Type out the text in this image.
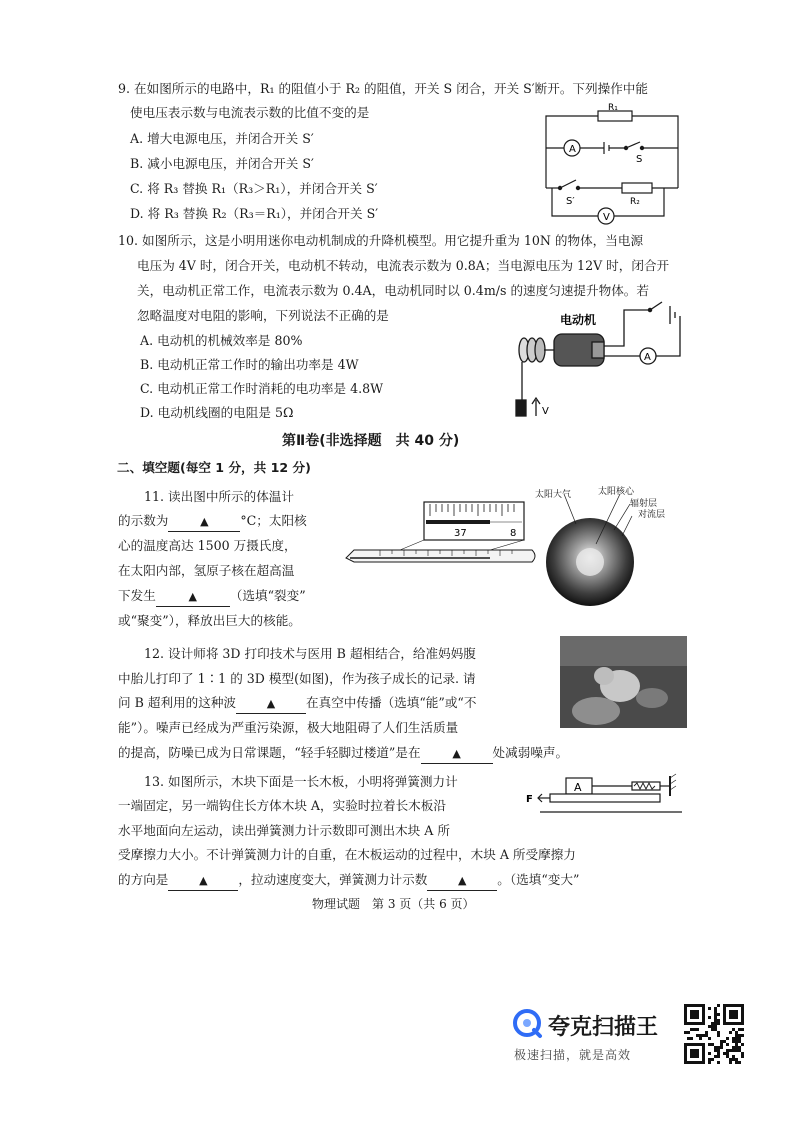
9. 在如图所示的电路中，R₁ 的阻值小于 R₂ 的阻值，开关 S 闭合，开关 S′断开。下列操作中能
使电压表示数与电流表示数的比值不变的是
A. 增大电源电压，并闭合开关 S′
B. 减小电源电压，并闭合开关 S′
C. 将 R₃ 替换 R₁（R₃＞R₁），并闭合开关 S′
D. 将 R₃ 替换 R₂（R₃＝R₁），并闭合开关 S′
R₁
A
S
S′	R₂
V
10. 如图所示，这是小明用迷你电动机制成的升降机模型。用它提升重为 10N 的物体，当电源
电压为 4V 时，闭合开关，电动机不转动，电流表示数为 0.8A；当电源电压为 12V 时，闭合开
关，电动机正常工作，电流表示数为 0.4A，电动机同时以 0.4m/s 的速度匀速提升物体。若
忽略温度对电阻的影响，下列说法不正确的是
A. 电动机的机械效率是 80%
B. 电动机正常工作时的输出功率是 4W
C. 电动机正常工作时消耗的电功率是 4.8W
D. 电动机线圈的电阻是 5Ω
电动机
A
V
第Ⅱ卷(非选择题　共 40 分)
二、填空题(每空 1 分，共 12 分)
11. 读出图中所示的体温计
的示数为	▲	°C；太阳核
心的温度高达 1500 万摄氏度，
在太阳内部，氢原子核在超高温
下发生	▲	（选填“裂变”
或“聚变”），释放出巨大的核能。
37	8
太阳大气	太阳核心
辐射层
对流层
12. 设计师将 3D 打印技术与医用 B 超相结合，给准妈妈腹
中胎儿打印了 1∶1 的 3D 模型(如图)，作为孩子成长的记录. 请
问 B 超利用的这种波	▲ 在真空中传播（选填“能”或“不
能”）。噪声已经成为严重污染源，极大地阻碍了人们生活质量
的提高，防噪已成为日常课题，“轻手轻脚过楼道”是在	▲	处减弱噪声。
13. 如图所示，木块下面是一长木板，小明将弹簧测力计
一端固定，另一端钩住长方体木块 A，实验时拉着长木板沿
水平地面向左运动，读出弹簧测力计示数即可测出木块 A 所
受摩擦力大小。不计弹簧测力计的自重，在木板运动的过程中，木块 A 所受摩擦力
的方向是	▲ ，拉动速度变大，弹簧测力计示数	▲ 。（选填“变大”
A
F
物理试题　第 3 页（共 6 页）
夸克扫描王
极速扫描，就是高效
